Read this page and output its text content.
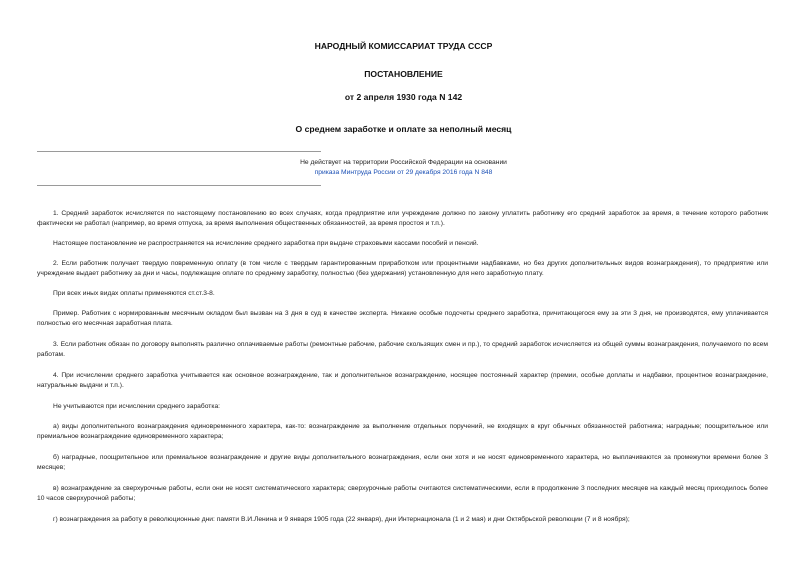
НАРОДНЫЙ КОМИССАРИАТ ТРУДА СССР
ПОСТАНОВЛЕНИЕ
от 2 апреля 1930 года N 142
О среднем заработке и оплате за неполный месяц
Не действует на территории Российской Федерации на основании
приказа Минтруда России от 29 декабря 2016 года N 848

1. Средний заработок исчисляется по настоящему постановлению во всех случаях, когда предприятие или учреждение должно по закону уплатить работнику его средний заработок за время, в течение которого работник фактически не работал (например, во время отпуска, за время выполнения общественных обязанностей, за время простоя и т.п.).

Настоящее постановление не распространяется на исчисление среднего заработка при выдаче страховыми кассами пособий и пенсий.

2. Если работник получает твердую повременную оплату (в том числе с твердым гарантированным приработком или процентными надбавками, но без других дополнительных видов вознаграждения), то предприятие или учреждение выдает работнику за дни и часы, подлежащие оплате по среднему заработку, полностью (без удержания) установленную для него заработную плату.

При всех иных видах оплаты применяются ст.ст.3-8.

Пример. Работник с нормированным месячным окладом был вызван на 3 дня в суд в качестве эксперта. Никакие особые подсчеты среднего заработка, причитающегося ему за эти 3 дня, не производятся, ему уплачивается полностью его месячная заработная плата.

3. Если работник обязан по договору выполнять различно оплачиваемые работы (ремонтные рабочие, рабочие скользящих смен и пр.), то средний заработок исчисляется из общей суммы вознаграждения, получаемого по всем работам.

4. При исчислении среднего заработка учитывается как основное вознаграждение, так и дополнительное вознаграждение, носящее постоянный характер (премии, особые доплаты и надбавки, процентное вознаграждение, натуральные выдачи и т.п.).

Не учитываются при исчислении среднего заработка:

а) виды дополнительного вознаграждения единовременного характера, как-то: вознаграждение за выполнение отдельных поручений, не входящих в круг обычных обязанностей работника; наградные; поощрительное или премиальное вознаграждение единовременного характера;

б) наградные, поощрительное или премиальное вознаграждение и другие виды дополнительного вознаграждения, если они хотя и не носят единовременного характера, но выплачиваются за промежутки времени более 3 месяцев;

в) вознаграждение за сверхурочные работы, если они не носят систематического характера; сверхурочные работы считаются систематическими, если в продолжение 3 последних месяцев на каждый месяц приходилось более 10 часов сверхурочной работы;

г) вознаграждения за работу в революционные дни: памяти В.И.Ленина и 9 января 1905 года (22 января), дни Интернационала (1 и 2 мая) и дни Октябрьской революции (7 и 8 ноября);
